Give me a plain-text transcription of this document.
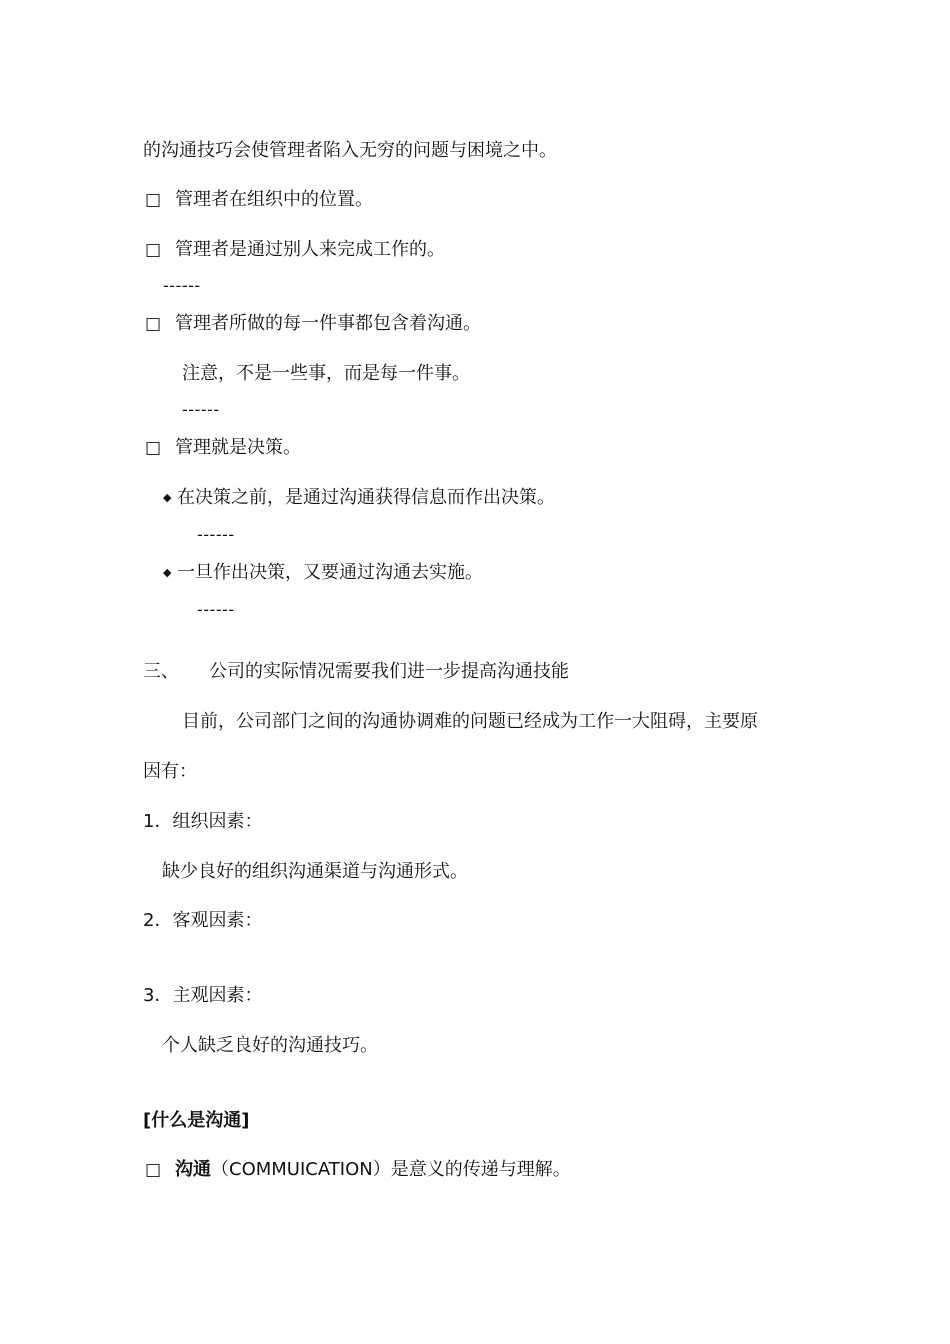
的沟通技巧会使管理者陷入无穷的问题与困境之中。
□ 管理者在组织中的位置。
□ 管理者是通过别人来完成工作的。
------
□ 管理者所做的每一件事都包含着沟通。
注意，不是一些事，而是每一件事。
------
□ 管理就是决策。
◆ 在决策之前，是通过沟通获得信息而作出决策。
------
◆ 一旦作出决策，又要通过沟通去实施。
------
三、 公司的实际情况需要我们进一步提高沟通技能
目前，公司部门之间的沟通协调难的问题已经成为工作一大阻碍，主要原
因有：
1．组织因素：
缺少良好的组织沟通渠道与沟通形式。
2．客观因素：
3．主观因素：
个人缺乏良好的沟通技巧。
[什么是沟通]
□ 沟通（COMMUICATION）是意义的传递与理解。
